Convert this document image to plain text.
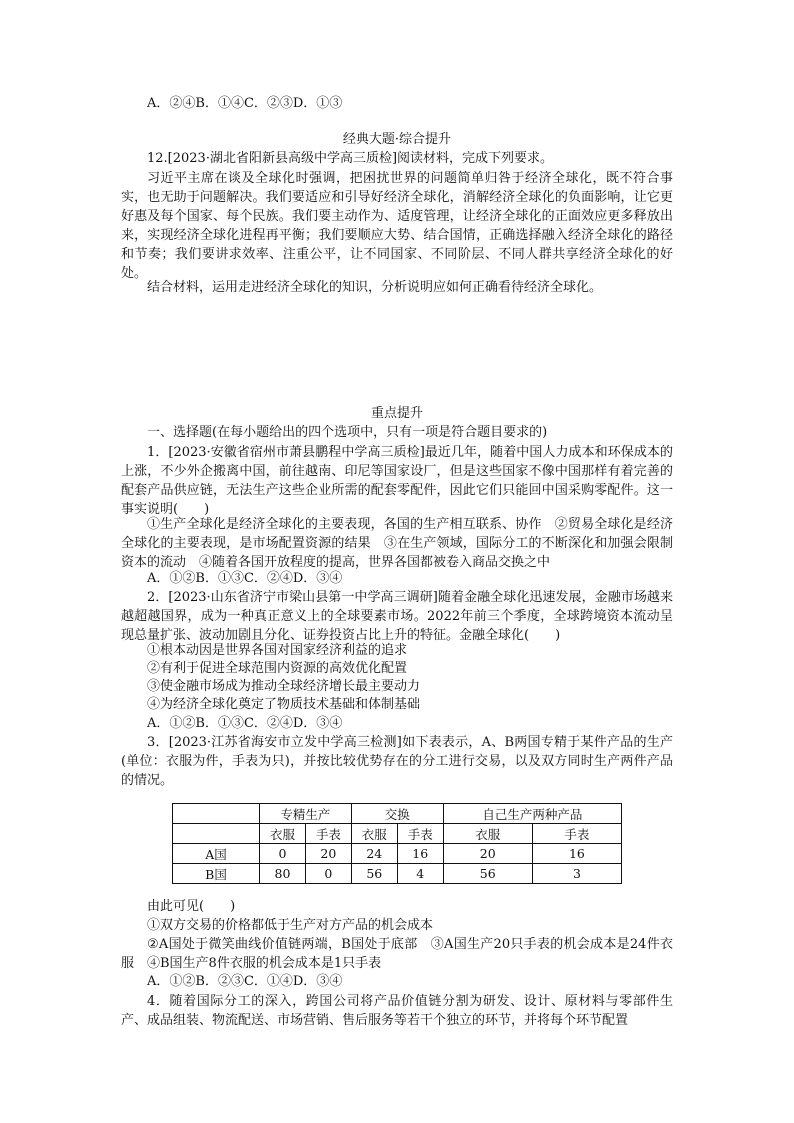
A．②④B．①④C．②③D．①③
经典大题·综合提升
12.[2023·湖北省阳新县高级中学高三质检]阅读材料，完成下列要求。
习近平主席在谈及全球化时强调，把困扰世界的问题简单归咎于经济全球化，既不符合事实，也无助于问题解决。我们要适应和引导好经济全球化，消解经济全球化的负面影响，让它更好惠及每个国家、每个民族。我们要主动作为、适度管理，让经济全球化的正面效应更多释放出来，实现经济全球化进程再平衡；我们要顺应大势、结合国情，正确选择融入经济全球化的路径和节奏；我们要讲求效率、注重公平，让不同国家、不同阶层、不同人群共享经济全球化的好处。
结合材料，运用走进经济全球化的知识，分析说明应如何正确看待经济全球化。
重点提升
一、选择题(在每小题给出的四个选项中，只有一项是符合题目要求的)
1．[2023·安徽省宿州市萧县鹏程中学高三质检]最近几年，随着中国人力成本和环保成本的上涨，不少外企搬离中国，前往越南、印尼等国家设厂，但是这些国家不像中国那样有着完善的配套产品供应链，无法生产这些企业所需的配套零配件，因此它们只能回中国采购零配件。这一事实说明(　　)
①生产全球化是经济全球化的主要表现，各国的生产相互联系、协作　②贸易全球化是经济全球化的主要表现，是市场配置资源的结果　③在生产领域，国际分工的不断深化和加强会限制资本的流动　④随着各国开放程度的提高，世界各国都被卷入商品交换之中
A．①②B．①③C．②④D．③④
2．[2023·山东省济宁市梁山县第一中学高三调研]随着金融全球化迅速发展，金融市场越来越超越国界，成为一种真正意义上的全球要素市场。2022年前三个季度，全球跨境资本流动呈现总量扩张、波动加剧且分化、证券投资占比上升的特征。金融全球化(　　)
①根本动因是世界各国对国家经济利益的追求
②有利于促进全球范围内资源的高效优化配置
③使金融市场成为推动全球经济增长最主要动力
④为经济全球化奠定了物质技术基础和体制基础
A．①②B．①③C．②④D．③④
3．[2023·江苏省海安市立发中学高三检测]如下表表示，A、B两国专精于某件产品的生产(单位：衣服为件，手表为只)，并按比较优势存在的分工进行交易，以及双方同时生产两件产品的情况。
	专精生产		交换		自己生产两种产品	
	衣服	手表	衣服	手表	衣服	手表
A国	0	20	24	16	20	16
B国	80	0	56	4	56	3
由此可见(　　)
①双方交易的价格都低于生产对方产品的机会成本
②A国处于微笑曲线价值链两端，B国处于底部　③A国生产20只手表的机会成本是24件衣服　④B国生产8件衣服的机会成本是1只手表
A．①②B．②③C．①④D．③④
4．随着国际分工的深入，跨国公司将产品价值链分割为研发、设计、原材料与零部件生产、成品组装、物流配送、市场营销、售后服务等若干个独立的环节，并将每个环节配置
